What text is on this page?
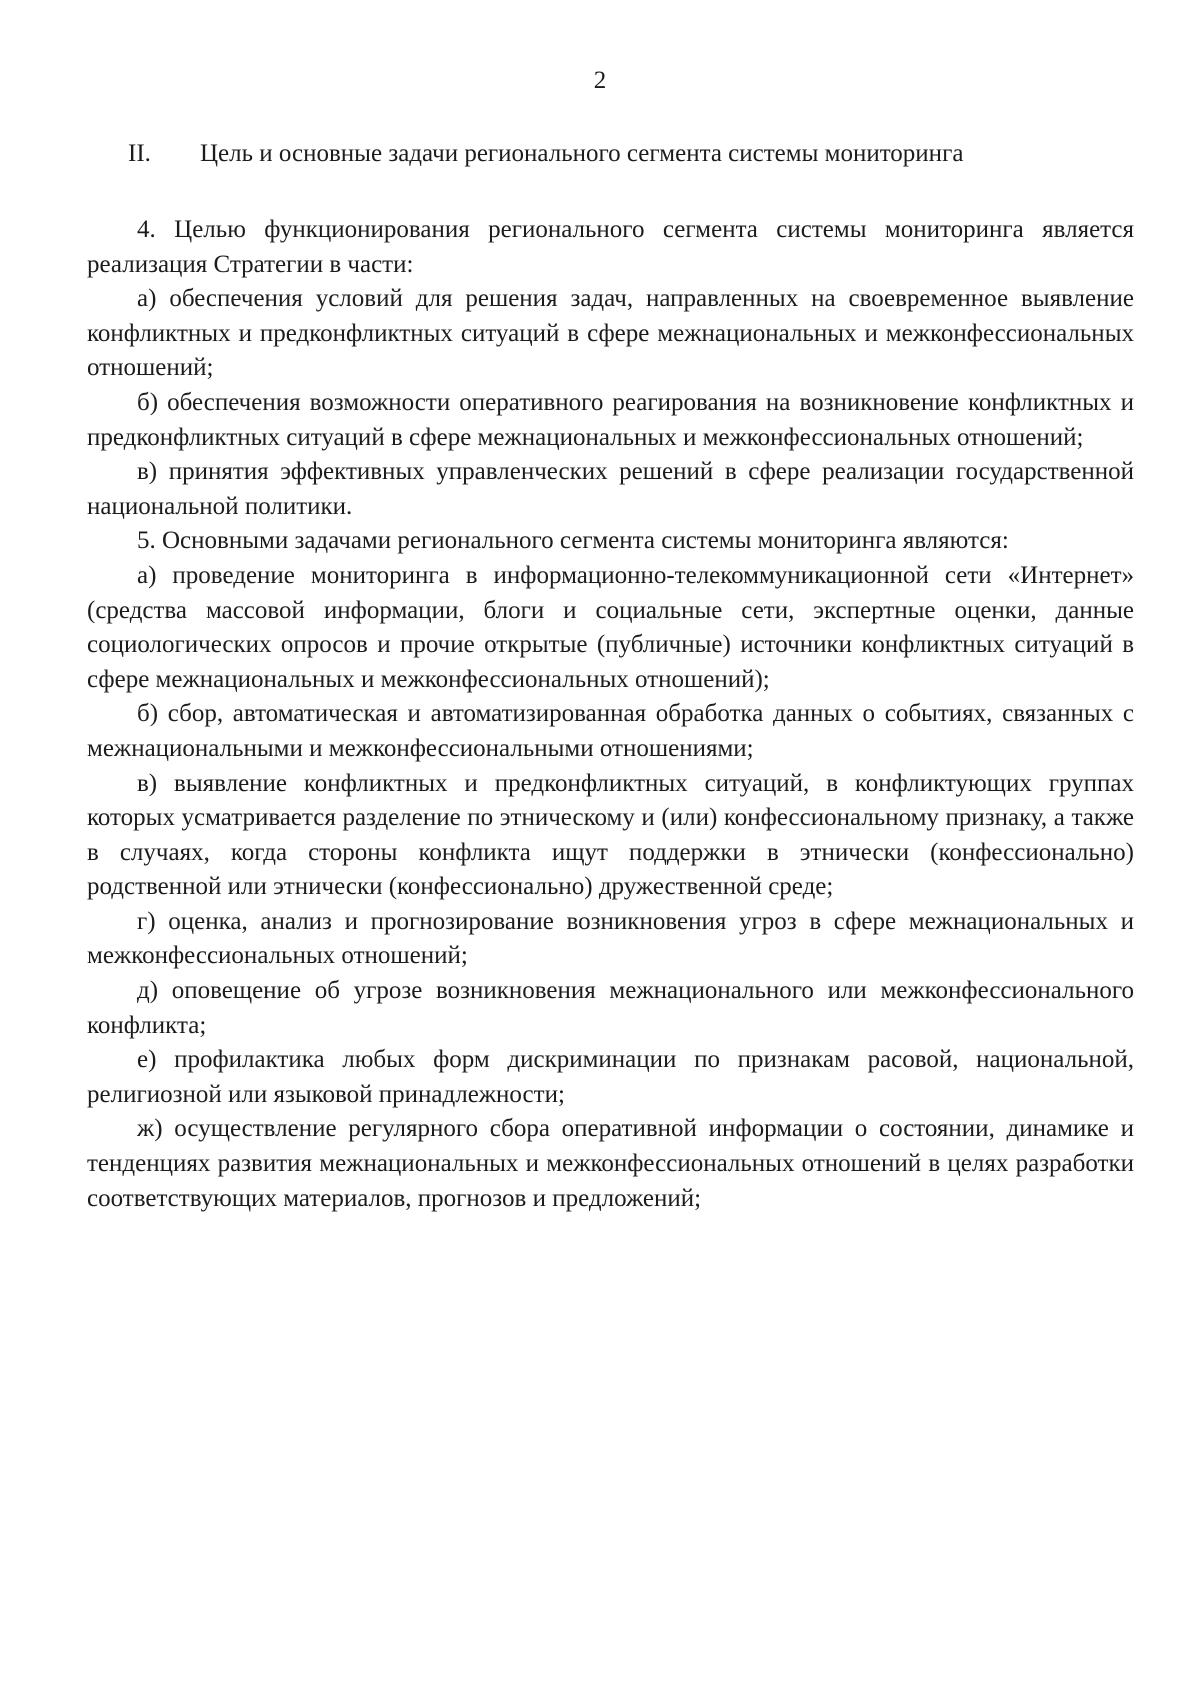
2
II. Цель и основные задачи регионального сегмента системы мониторинга

4. Целью функционирования регионального сегмента системы мониторинга является реализация Стратегии в части:

а) обеспечения условий для решения задач, направленных на своевременное выявление конфликтных и предконфликтных ситуаций в сфере межнациональных и межконфессиональных отношений;

б) обеспечения возможности оперативного реагирования на возникновение конфликтных и предконфликтных ситуаций в сфере межнациональных и межконфессиональных отношений;

в) принятия эффективных управленческих решений в сфере реализации государственной национальной политики.

5. Основными задачами регионального сегмента системы мониторинга являются:

а) проведение мониторинга в информационно-телекоммуникационной сети «Интернет» (средства массовой информации, блоги и социальные сети, экспертные оценки, данные социологических опросов и прочие открытые (публичные) источники конфликтных ситуаций в сфере межнациональных и межконфессиональных отношений);

б) сбор, автоматическая и автоматизированная обработка данных о событиях, связанных с межнациональными и межконфессиональными отношениями;

в) выявление конфликтных и предконфликтных ситуаций, в конфликтующих группах которых усматривается разделение по этническому и (или) конфессиональному признаку, а также в случаях, когда стороны конфликта ищут поддержки в этнически (конфессионально) родственной или этнически (конфессионально) дружественной среде;

г) оценка, анализ и прогнозирование возникновения угроз в сфере межнациональных и межконфессиональных отношений;

д) оповещение об угрозе возникновения межнационального или межконфессионального конфликта;

е) профилактика любых форм дискриминации по признакам расовой, национальной, религиозной или языковой принадлежности;

ж) осуществление регулярного сбора оперативной информации о состоянии, динамике и тенденциях развития межнациональных и межконфессиональных отношений в целях разработки соответствующих материалов, прогнозов и предложений;
